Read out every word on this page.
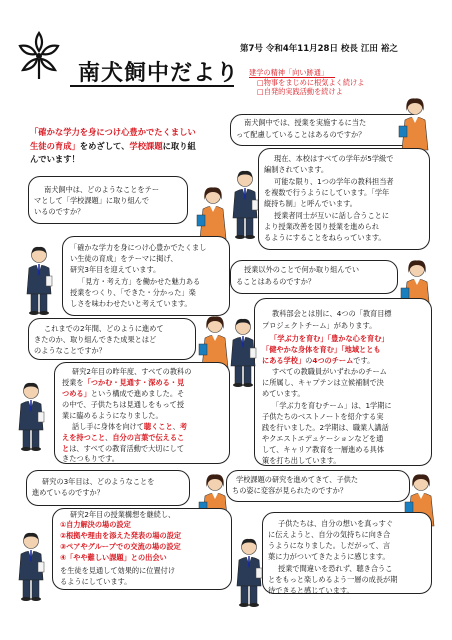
第7号 令和4年11月28日 校長 江田 裕之
南犬飼中だより 建学の精神「向い跡通」
□物事をまじめに根気よく続けよ
□自発的実践活動を続けよ
「確かな学力を身につけ心豊かでたくましい
生徒の育成」をめざして、学校課題に取り組
んでいます！
南犬飼中は、どのようなことをテー
マとして「学校課題」に取り組んで
いるのですか？
「確かな学力を身につけ心豊かでたくまし
い生徒の育成」をテーマに掲げ、
研究3年目を迎えています。
「見方・考え方」を働かせた魅力ある
授業をつくり、「できた・分かった」楽
しさを味わわせたいと考えています。
これまでの2年間、どのように進めて
きたのか、取り組んできた成果とはど
のようなことですか？
研究2年目の昨年度、すべての教科の
授業を「つかむ・見通す・深める・見
つめる」という構成で進めました。そ
の中で、子供たちは見通しをもって授
業に臨めるようになりました。
話し手に身体を向けて聴くこと、考
えを持つこと、自分の言葉で伝えるこ
とは、すべての教育活動で大切にして
きたつもりです。
研究の3年目は、どのようなことを
進めているのですか？
研究2年目の授業構想を継続し、
①自力解決の場の設定
②根拠や理由を添えた発表の場の設定
③ペアやグループでの交流の場の設定
④「やや難しい課題」との出会い
を生徒を見通して効果的に位置付け
るようにしています。
南犬飼中では、授業を実施するに当た
って配慮していることはあるのですか？
現在、本校はすべての学年が5学級で
編制されています。
可能な限り、1つの学年の教科担当者
を複数で行うようにしています。「学年
縦持ち制」と呼んでいます。
授業者同士が互いに話し合うことに
より授業改善を図り授業を進められ
るようにすることをねらっています。
授業以外のことで何か取り組んでい
ることはあるのですか？
教科部会とは別に、4つの「教育目標
プロジェクトチーム」があります。
「学ぶ力を育む」「豊かな心を育む」
「健やかな身体を育む」「地域ととも
にある学校」の4つのチームです。
すべての教職員がいずれかのチーム
に所属し、キャプテンは立候補制で決
めています。
「学ぶ力を育むチーム」は、1学期に
子供たちのベストノートを紹介する実
践を行いました。2学期は、職業人講話
やクエストエデュケーションなどを通
して、キャリア教育を一層進める具体
策を打ち出しています。
学校課題の研究を進めてきて、子供た
ちの姿に変容が見られたのですか？
子供たちは、自分の想いを真っすぐ
に伝えようと、自分の気持ちに向き合
うようになりました。しだがって、言
葉に力がついてきたように感じます。
授業で間違いを恐れず、聴き合うこ
とをもっと楽しめるよう一層の成長が期
待できると感じています。
